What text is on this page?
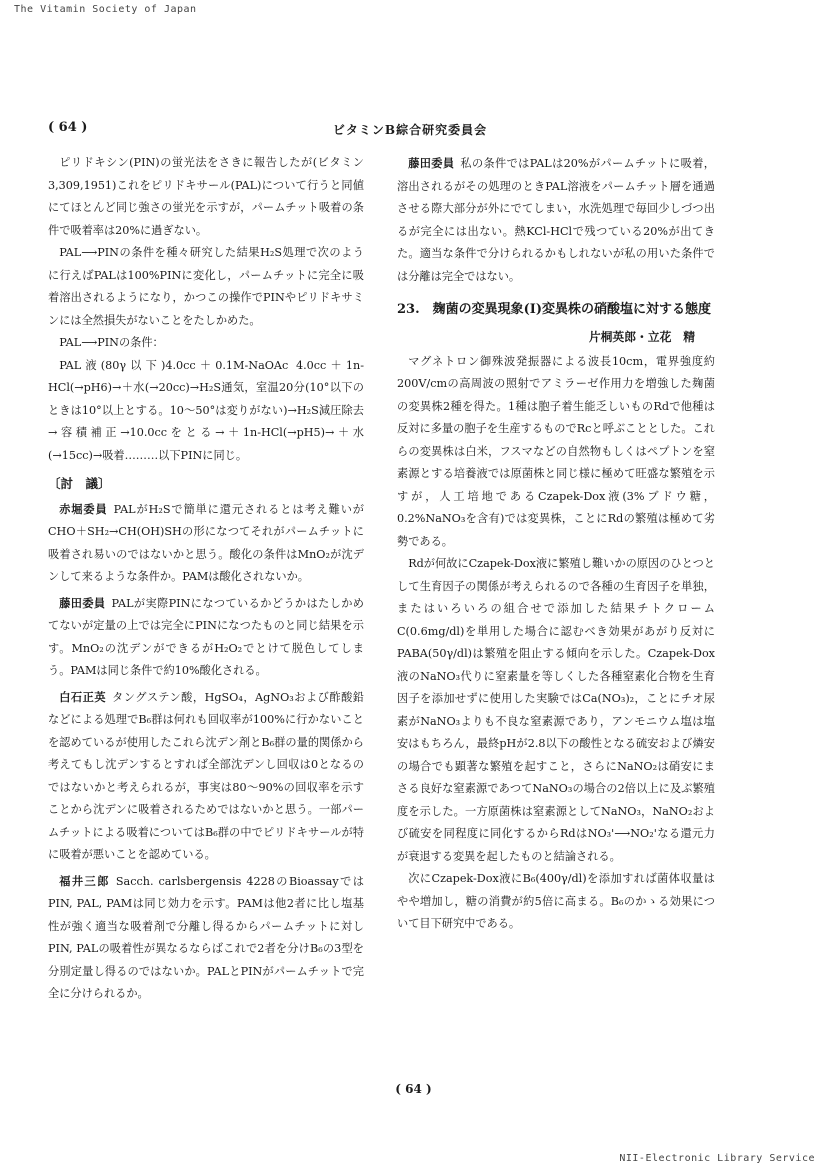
The Vitamin Society of Japan
( 64 )	ビタミンB綜合研究委員会

ピリドキシン(PIN)の蛍光法をさきに報告したが(ビタミン3,309,1951)これをピリドキサール(PAL)について行うと同値にてほとんど同じ強さの蛍光を示すが，パームチット吸着の条件で吸着率は20%に過ぎない。

PAL⟶PINの条件を種々研究した結果H₂S処理で次のように行えばPALは100%PINに変化し，パームチットに完全に吸着溶出されるようになり，かつこの操作でPINやピリドキサミンには全然損失がないことをたしかめた。

PAL⟶PINの条件：

PAL液(80γ以下)4.0cc＋0.1M-NaOAc 4.0cc＋1n-HCl(→pH6)→＋水(→20cc)→H₂S通気，室温20分(10°以下のときは10°以上とする。10～50°は変りがない)→H₂S減圧除去→容積補正→10.0ccをとる→＋1n-HCl(→pH5)→＋水(→15cc)→吸着………以下PINに同じ。

〔討　議〕

赤堀委員 PALがH₂Sで簡単に還元されるとは考え難いがCHO＋SH₂→CH(OH)SHの形になつてそれがパームチットに吸着され易いのではないかと思う。酸化の条件はMnO₂が沈デンして来るような条件か。PAMは酸化されないか。

藤田委員 PALが実際PINになつているかどうかはたしかめてないが定量の上では完全にPINになつたものと同じ結果を示す。MnO₂の沈デンができるがH₂O₂でとけて脱色してしまう。PAMは同じ条件で約10%酸化される。

白石正英 タングステン酸，HgSO₄，AgNO₃および酢酸鉛などによる処理でB₆群は何れも回収率が100%に行かないことを認めているが使用したこれら沈デン剤とB₆群の量的関係から考えてもし沈デンするとすれば全部沈デンし回収は0となるのではないかと考えられるが，事実は80～90%の回収率を示すことから沈デンに吸着されるためではないかと思う。一部パームチットによる吸着についてはB₆群の中でピリドキサールが特に吸着が悪いことを認めている。

福井三郎 Sacch. carlsbergensis 4228のBioassayではPIN, PAL, PAMは同じ効力を示す。PAMは他2者に比し塩基性が強く適当な吸着剤で分離し得るからパームチットに対しPIN, PALの吸着性が異なるならばこれで2者を分けB₆の3型を分別定量し得るのではないか。PALとPINがパームチットで完全に分けられるか。

藤田委員 私の条件ではPALは20%がパームチットに吸着，溶出されるがその処理のときPAL溶液をパームチット層を通過させる際大部分が外にでてしまい，水洗処理で毎回少しづつ出るが完全には出ない。熱KCl-HClで残つている20%が出てきた。適当な条件で分けられるかもしれないが私の用いた条件では分離は完全ではない。

23.　 麹菌の変異現象(Ⅰ)変異株の硝酸塩に対する態度
片桐英郎・立花　精

マグネトロン御殊波発振器による波長10cm，電界強度約200V/cmの高周波の照射でアミラーゼ作用力を増強した麹菌の変異株2種を得た。1種は胞子着生能乏しいものRdで他種は反対に多量の胞子を生産するものでRcと呼ぶこととした。これらの変異株は白米，フスマなどの自然物もしくはペプトンを窒素源とする培養液では原菌株と同じ様に極めて旺盛な繁殖を示すが，人工培地であるCzapek-Dox液(3%ブドウ糖，0.2%NaNO₃を含有)では変異株，ことにRdの繁殖は極めて劣勢である。

Rdが何故にCzapek-Dox液に繁殖し難いかの原因のひとつとして生育因子の関係が考えられるので各種の生育因子を単独，またはいろいろの組合せで添加した結果チトクロームC(0.6mg/dl)を単用した場合に認むべき効果があがり反対にPABA(50γ/dl)は繁殖を阻止する傾向を示した。Czapek-Dox液のNaNO₃代りに窒素量を等しくした各種窒素化合物を生育因子を添加せずに使用した実験ではCa(NO₃)₂，ことにチオ尿素がNaNO₃よりも不良な窒素源であり，アンモニウム塩は塩安はもちろん，最終pHが2.8以下の酸性となる硫安および燐安の場合でも顕著な繁殖を起すこと，さらにNaNO₂は硝安にまさる良好な窒素源であつてNaNO₃の場合の2倍以上に及ぶ繁殖度を示した。一方原菌株は窒素源としてNaNO₃，NaNO₂および硫安を同程度に同化するからRdはNO₃'⟶NO₂'なる還元力が衰退する変異を起したものと結論される。

次にCzapek-Dox液にB₆(400γ/dl)を添加すれば菌体収量はやや増加し，糖の消費が約5倍に高まる。B₆のかゝる効果について目下研究中である。

( 64 )
NII-Electronic Library Service
